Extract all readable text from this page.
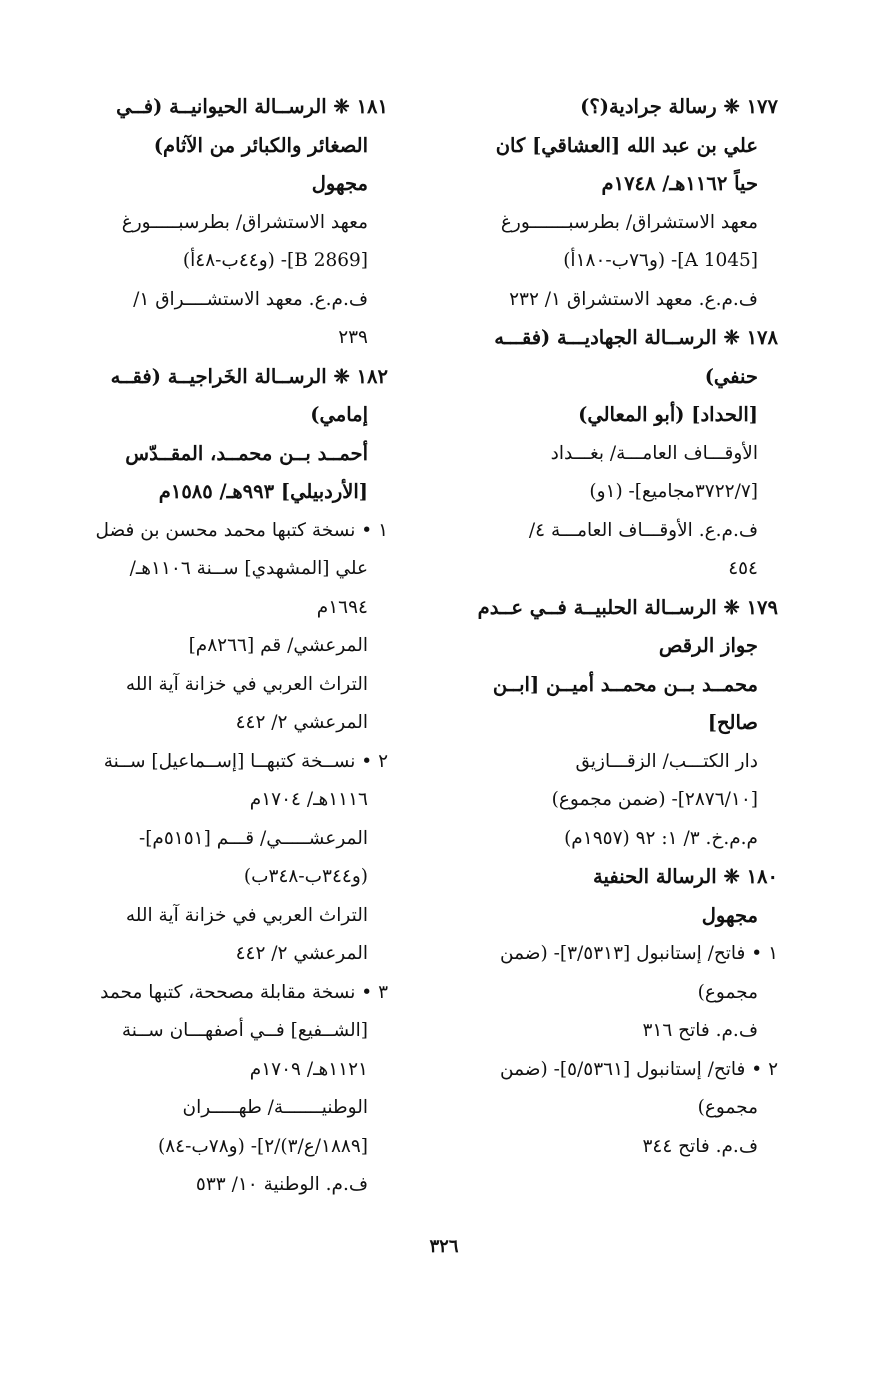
١٧٧ ❈ رسالة جرادية(؟)
علي بن عبد الله [العشاقي] كان
حياً ١١٦٢هـ/ ١٧٤٨م
معهد الاستشراق/ بطرسبـــــــورغ
[A 1045]- (و٧٦ب-١٨٠أ)
ف.م.ع. معهد الاستشراق ١/ ٢٣٢
١٧٨ ❈ الرســالة الجهاديـــة (فقـــه
حنفي)
[الحداد] (أبو المعالي)
الأوقـــاف العامـــة/ بغـــداد
[٣٧٢٢/٧مجاميع]- (١و)
ف.م.ع. الأوقـــاف العامـــة ٤/
٤٥٤
١٧٩ ❈ الرســالة الحلبيــة فــي عــدم
جواز الرقص
محمــد بــن محمــد أميــن [ابــن
صالح]
دار الكتـــب/ الزقـــازيق
[٢٨٧٦/١٠]- (ضمن مجموع)
م.م.خ. ٣/ ١: ٩٢ (١٩٥٧م)
١٨٠ ❈ الرسالة الحنفية
مجهول
١ • فاتح/ إستانبول [٣/٥٣١٣]- (ضمن
مجموع)
ف.م. فاتح ٣١٦
٢ • فاتح/ إستانبول [٥/٥٣٦١]- (ضمن
مجموع)
ف.م. فاتح ٣٤٤
١٨١ ❈ الرســالة الحيوانيــة (فــي
الصغائر والكبائر من الآثام)
مجهول
معهد الاستشراق/ بطرسبـــــورغ
[B 2869]- (و٤٤ب-٤٨أ)
ف.م.ع. معهد الاستشــــراق ١/
٢٣٩
١٨٢ ❈ الرســالة الخَراجيــة (فقــه
إمامي)
أحمــد بــن محمــد، المقــدّس
[الأردبيلي] ٩٩٣هـ/ ١٥٨٥م
١ • نسخة كتبها محمد محسن بن فضل
علي [المشهدي] ســنة ١١٠٦هـ/
١٦٩٤م
المرعشي/ قم [٨٢٦٦م]
التراث العربي في خزانة آية الله
المرعشي ٢/ ٤٤٢
٢ • نســخة كتبهــا [إســماعيل] ســنة
١١١٦هـ/ ١٧٠٤م
المرعشـــــي/ قـــم [٥١٥١م]-
(و٣٤٤ب-٣٤٨ب)
التراث العربي في خزانة آية الله
المرعشي ٢/ ٤٤٢
٣ • نسخة مقابلة مصححة، كتبها محمد
[الشــفيع] فــي أصفهـــان ســنة
١١٢١هـ/ ١٧٠٩م
الوطنيـــــــة/ طهـــــران
[١٨٨٩/ع/٣)/٢]- (و٧٨ب-٨٤)
ف.م. الوطنية ١٠/ ٥٣٣
٣٢٦
